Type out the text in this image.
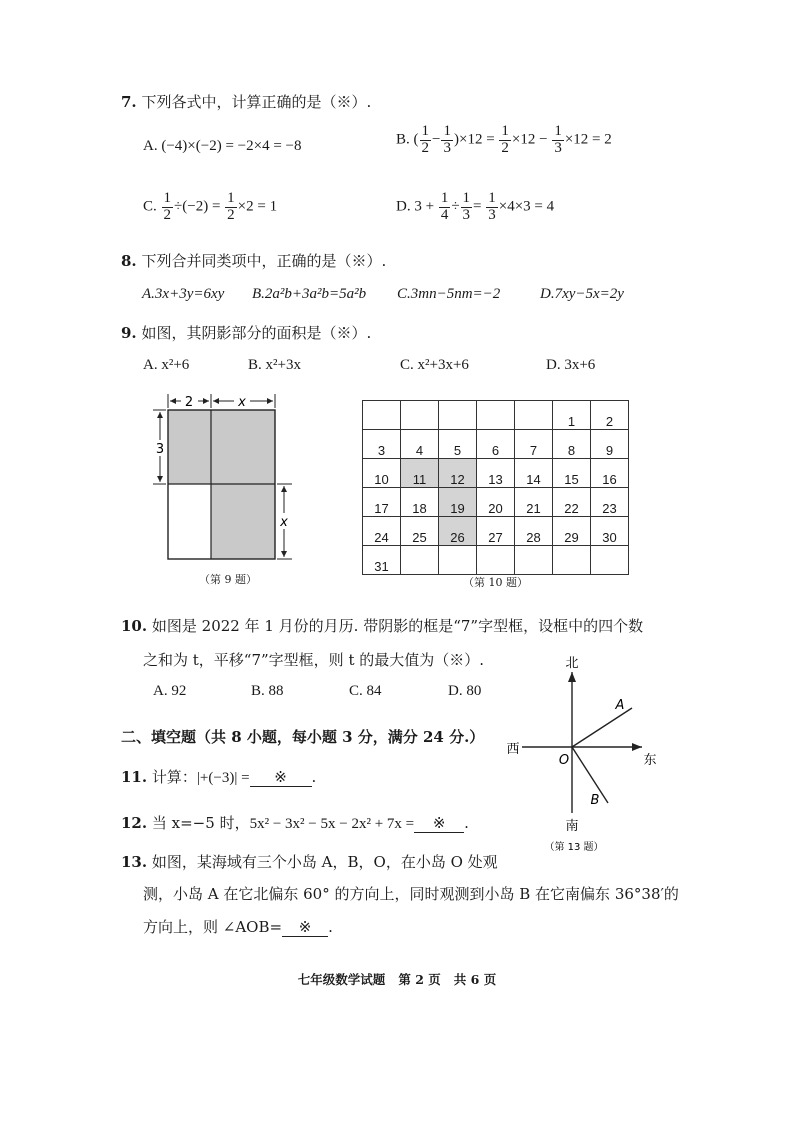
7. 下列各式中，计算正确的是（※）.
A. (−4)×(−2) = −2×4 = −8	B. ( $\frac{1}{2} - \frac{1}{3} )\times 12 = \frac{1}{2} \times 12 - \frac{1}{3} \times 12 = 2$
C. $\frac{1}{2} \div(-2) = \frac{1}{2} \times 2 = 1$	D. $3 + \frac{1}{4} \div \frac{1}{3} = \frac{1}{3} \times 4\times 3 = 4$
8. 下列合并同类项中，正确的是（※）.
A.3x+3y=6xy B.2a²b+3a²b=5a²b C.3mn−5nm=−2	D.7xy−5x=2y
9. 如图，其阴影部分的面积是（※）.
A. x²+6	B. x²+3x	C. x²+3x+6	D. 3x+6
2	x
3
x
（第 9 题）
					1	2
3	4	5	6	7	8	9
10	11	12	13	14	15	16
17	18	19	20	21	22	23
24	25	26	27	28	29	30
31						
（第 10 题）
10. 如图是 2022 年 1 月份的月历. 带阴影的框是“7”字型框，设框中的四个数
之和为 t，平移“7”字型框，则 t 的最大值为（※）.
A. 92	B. 88	C. 84	D. 80
二、填空题（共 8 小题，每小题 3 分，满分 24 分.）
11. 计算：|+(−3)| = ※ .
12. 当 x=−5 时，5x² − 3x² − 5x − 2x² + 7x = ※ .
13. 如图，某海域有三个小岛 A，B，O，在小岛 O 处观
测，小岛 A 在它北偏东 60° 的方向上，同时观测到小岛 B 在它南偏东 36°38′的
方向上，则 ∠AOB= ※ .
北
西
东
O
A
B
南
（第 13 题）
七年级数学试题   第 2 页   共 6 页
